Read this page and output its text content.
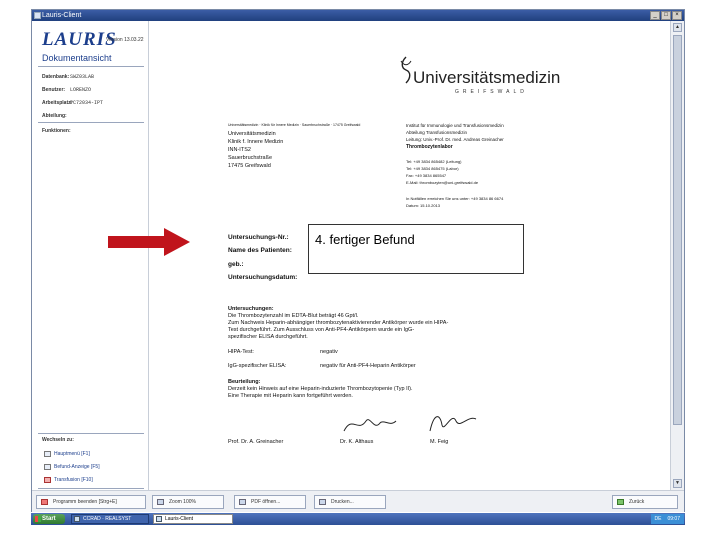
Lauris-Client	_	□	×
LAURIS
Version 13.03.22
Dokumentansicht
Datenbank:SWZ03LAB
Benutzer: LORENZO
Arbeitsplatz:PC72034-IPT
Abteilung:
Funktionen:
Wechseln zu:
Hauptmenü [F1]
Befund-Anzeige [F5]
Transfusion [F10]
Universitätsmedizin · Klinik für Innere Medizin · Sauerbruchstraße · 17475 Greifswald
Universitätsmedizin
Klinik f. Innere Medizin
INN-ITS2
Sauerbruchstraße
17475 Greifswald
Universitätsmedizin
GREIFSWALD
Institut für Immunologie und Transfusionsmedizin
Abteilung Transfusionsmedizin
Leitung: Univ.-Prof. Dr. med. Andreas Greinacher
Thrombozytenlabor
Tel: +49 3834 865482 (Leitung)
Tel: +49 3834 865475 (Labor)
Fax: +49 3834 865547
E-Mail: thrombozyten@uni-greifswald.de
In Notfällen erreichen Sie uns unter: +49 3834 86 6674
Datum: 15.10.2013
Untersuchungs-Nr.:
Name des Patienten:
geb.:
Untersuchungsdatum:
Untersuchungen:
Die Thrombozytenzahl im EDTA-Blut beträgt 46 Gpt/l.
Zum Nachweis Heparin-abhängiger thrombozytenaktivierender Antikörper wurde ein HIPA-
Test durchgeführt. Zum Ausschluss von Anti-PF4-Antikörpern wurde ein IgG-
spezifischer ELISA durchgeführt.
HIPA-Test:	negativ
IgG-spezifischer ELISA:	negativ für Anti-PF4-Heparin Antikörper
Beurteilung:
Derzeit kein Hinweis auf eine Heparin-induzierte Thrombozytopenie (Typ II).
Eine Therapie mit Heparin kann fortgeführt werden.
Prof. Dr. A. Greinacher	Dr. K. Althaus	M. Feig
▲
▼
Programm beenden [Strg+E]	Zoom 100%	PDF öffnen...	Drucken...	Zurück
4. fertiger Befund
Start	CCRAD · REALSYST	Lauris-Client	DE 09:07
